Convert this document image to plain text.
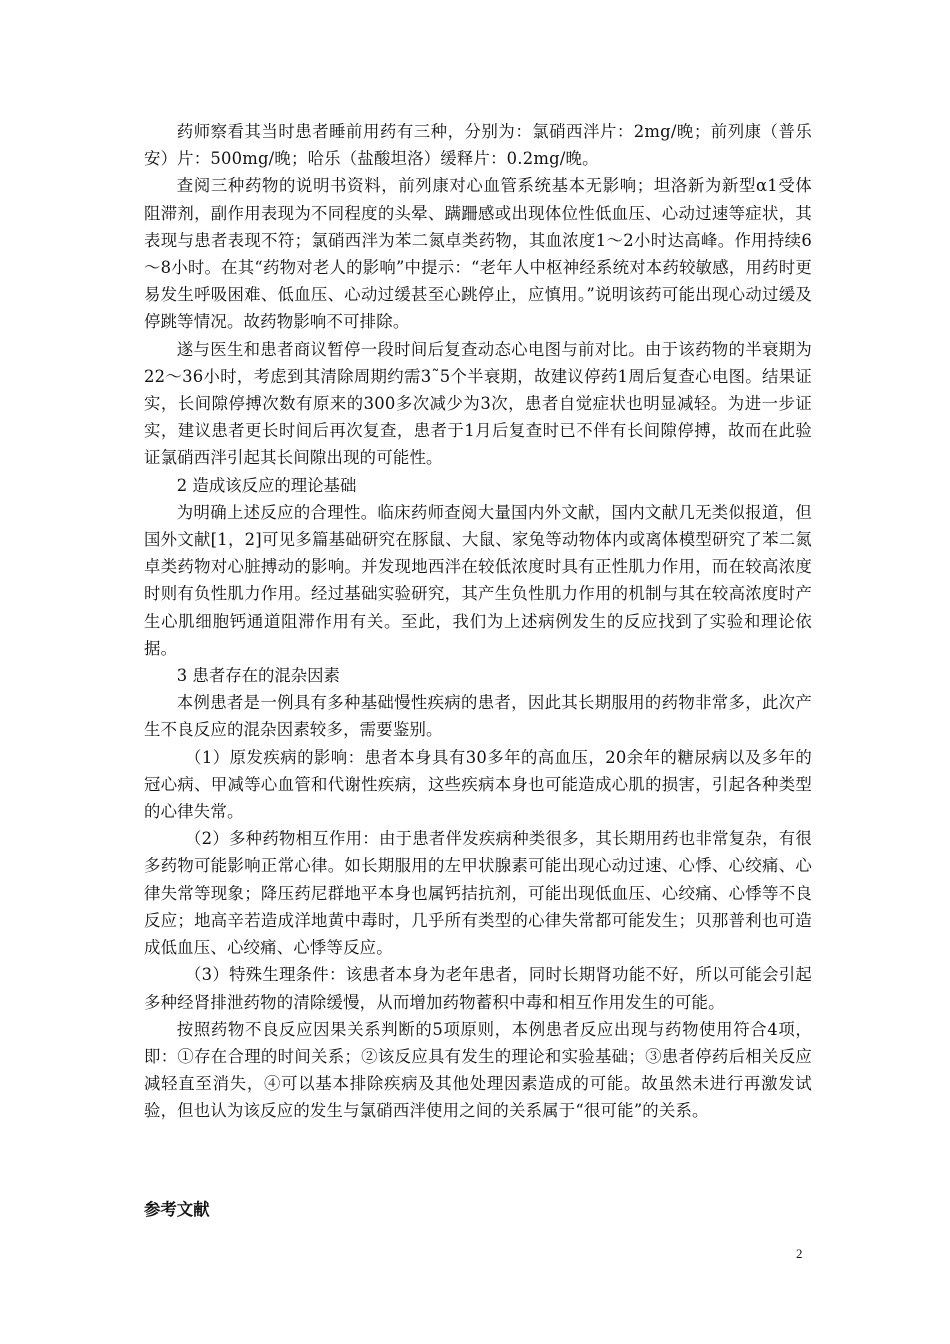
药师察看其当时患者睡前用药有三种，分别为：氯硝西泮片：2mg/晚；前列康（普乐安）片：500mg/晚；哈乐（盐酸坦洛）缓释片：0.2mg/晚。

查阅三种药物的说明书资料，前列康对心血管系统基本无影响；坦洛新为新型α1受体阻滞剂，副作用表现为不同程度的头晕、蹒跚感或出现体位性低血压、心动过速等症状，其表现与患者表现不符；氯硝西泮为苯二氮卓类药物，其血浓度1～2小时达高峰。作用持续6～8小时。在其“药物对老人的影响”中提示：“老年人中枢神经系统对本药较敏感，用药时更易发生呼吸困难、低血压、心动过缓甚至心跳停止，应慎用。”说明该药可能出现心动过缓及停跳等情况。故药物影响不可排除。

遂与医生和患者商议暂停一段时间后复查动态心电图与前对比。由于该药物的半衰期为22～36小时，考虑到其清除周期约需3˜5个半衰期，故建议停药1周后复查心电图。结果证实，长间隙停搏次数有原来的300多次减少为3次，患者自觉症状也明显减轻。为进一步证实，建议患者更长时间后再次复查，患者于1月后复查时已不伴有长间隙停搏，故而在此验证氯硝西泮引起其长间隙出现的可能性。

2 造成该反应的理论基础

为明确上述反应的合理性。临床药师查阅大量国内外文献，国内文献几无类似报道，但国外文献[1，2]可见多篇基础研究在豚鼠、大鼠、家兔等动物体内或离体模型研究了苯二氮卓类药物对心脏搏动的影响。并发现地西泮在较低浓度时具有正性肌力作用，而在较高浓度时则有负性肌力作用。经过基础实验研究，其产生负性肌力作用的机制与其在较高浓度时产生心肌细胞钙通道阻滞作用有关。至此，我们为上述病例发生的反应找到了实验和理论依据。

3 患者存在的混杂因素

本例患者是一例具有多种基础慢性疾病的患者，因此其长期服用的药物非常多，此次产生不良反应的混杂因素较多，需要鉴别。

（1）原发疾病的影响：患者本身具有30多年的高血压，20余年的糖尿病以及多年的冠心病、甲减等心血管和代谢性疾病，这些疾病本身也可能造成心肌的损害，引起各种类型的心律失常。

（2）多种药物相互作用：由于患者伴发疾病种类很多，其长期用药也非常复杂，有很多药物可能影响正常心律。如长期服用的左甲状腺素可能出现心动过速、心悸、心绞痛、心律失常等现象；降压药尼群地平本身也属钙拮抗剂，可能出现低血压、心绞痛、心悸等不良反应；地高辛若造成洋地黄中毒时，几乎所有类型的心律失常都可能发生；贝那普利也可造成低血压、心绞痛、心悸等反应。

（3）特殊生理条件：该患者本身为老年患者，同时长期肾功能不好，所以可能会引起多种经肾排泄药物的清除缓慢，从而增加药物蓄积中毒和相互作用发生的可能。

按照药物不良反应因果关系判断的5项原则，本例患者反应出现与药物使用符合4项，即：①存在合理的时间关系；②该反应具有发生的理论和实验基础；③患者停药后相关反应减轻直至消失，④可以基本排除疾病及其他处理因素造成的可能。故虽然未进行再激发试验，但也认为该反应的发生与氯硝西泮使用之间的关系属于“很可能”的关系。

参考文献

2
